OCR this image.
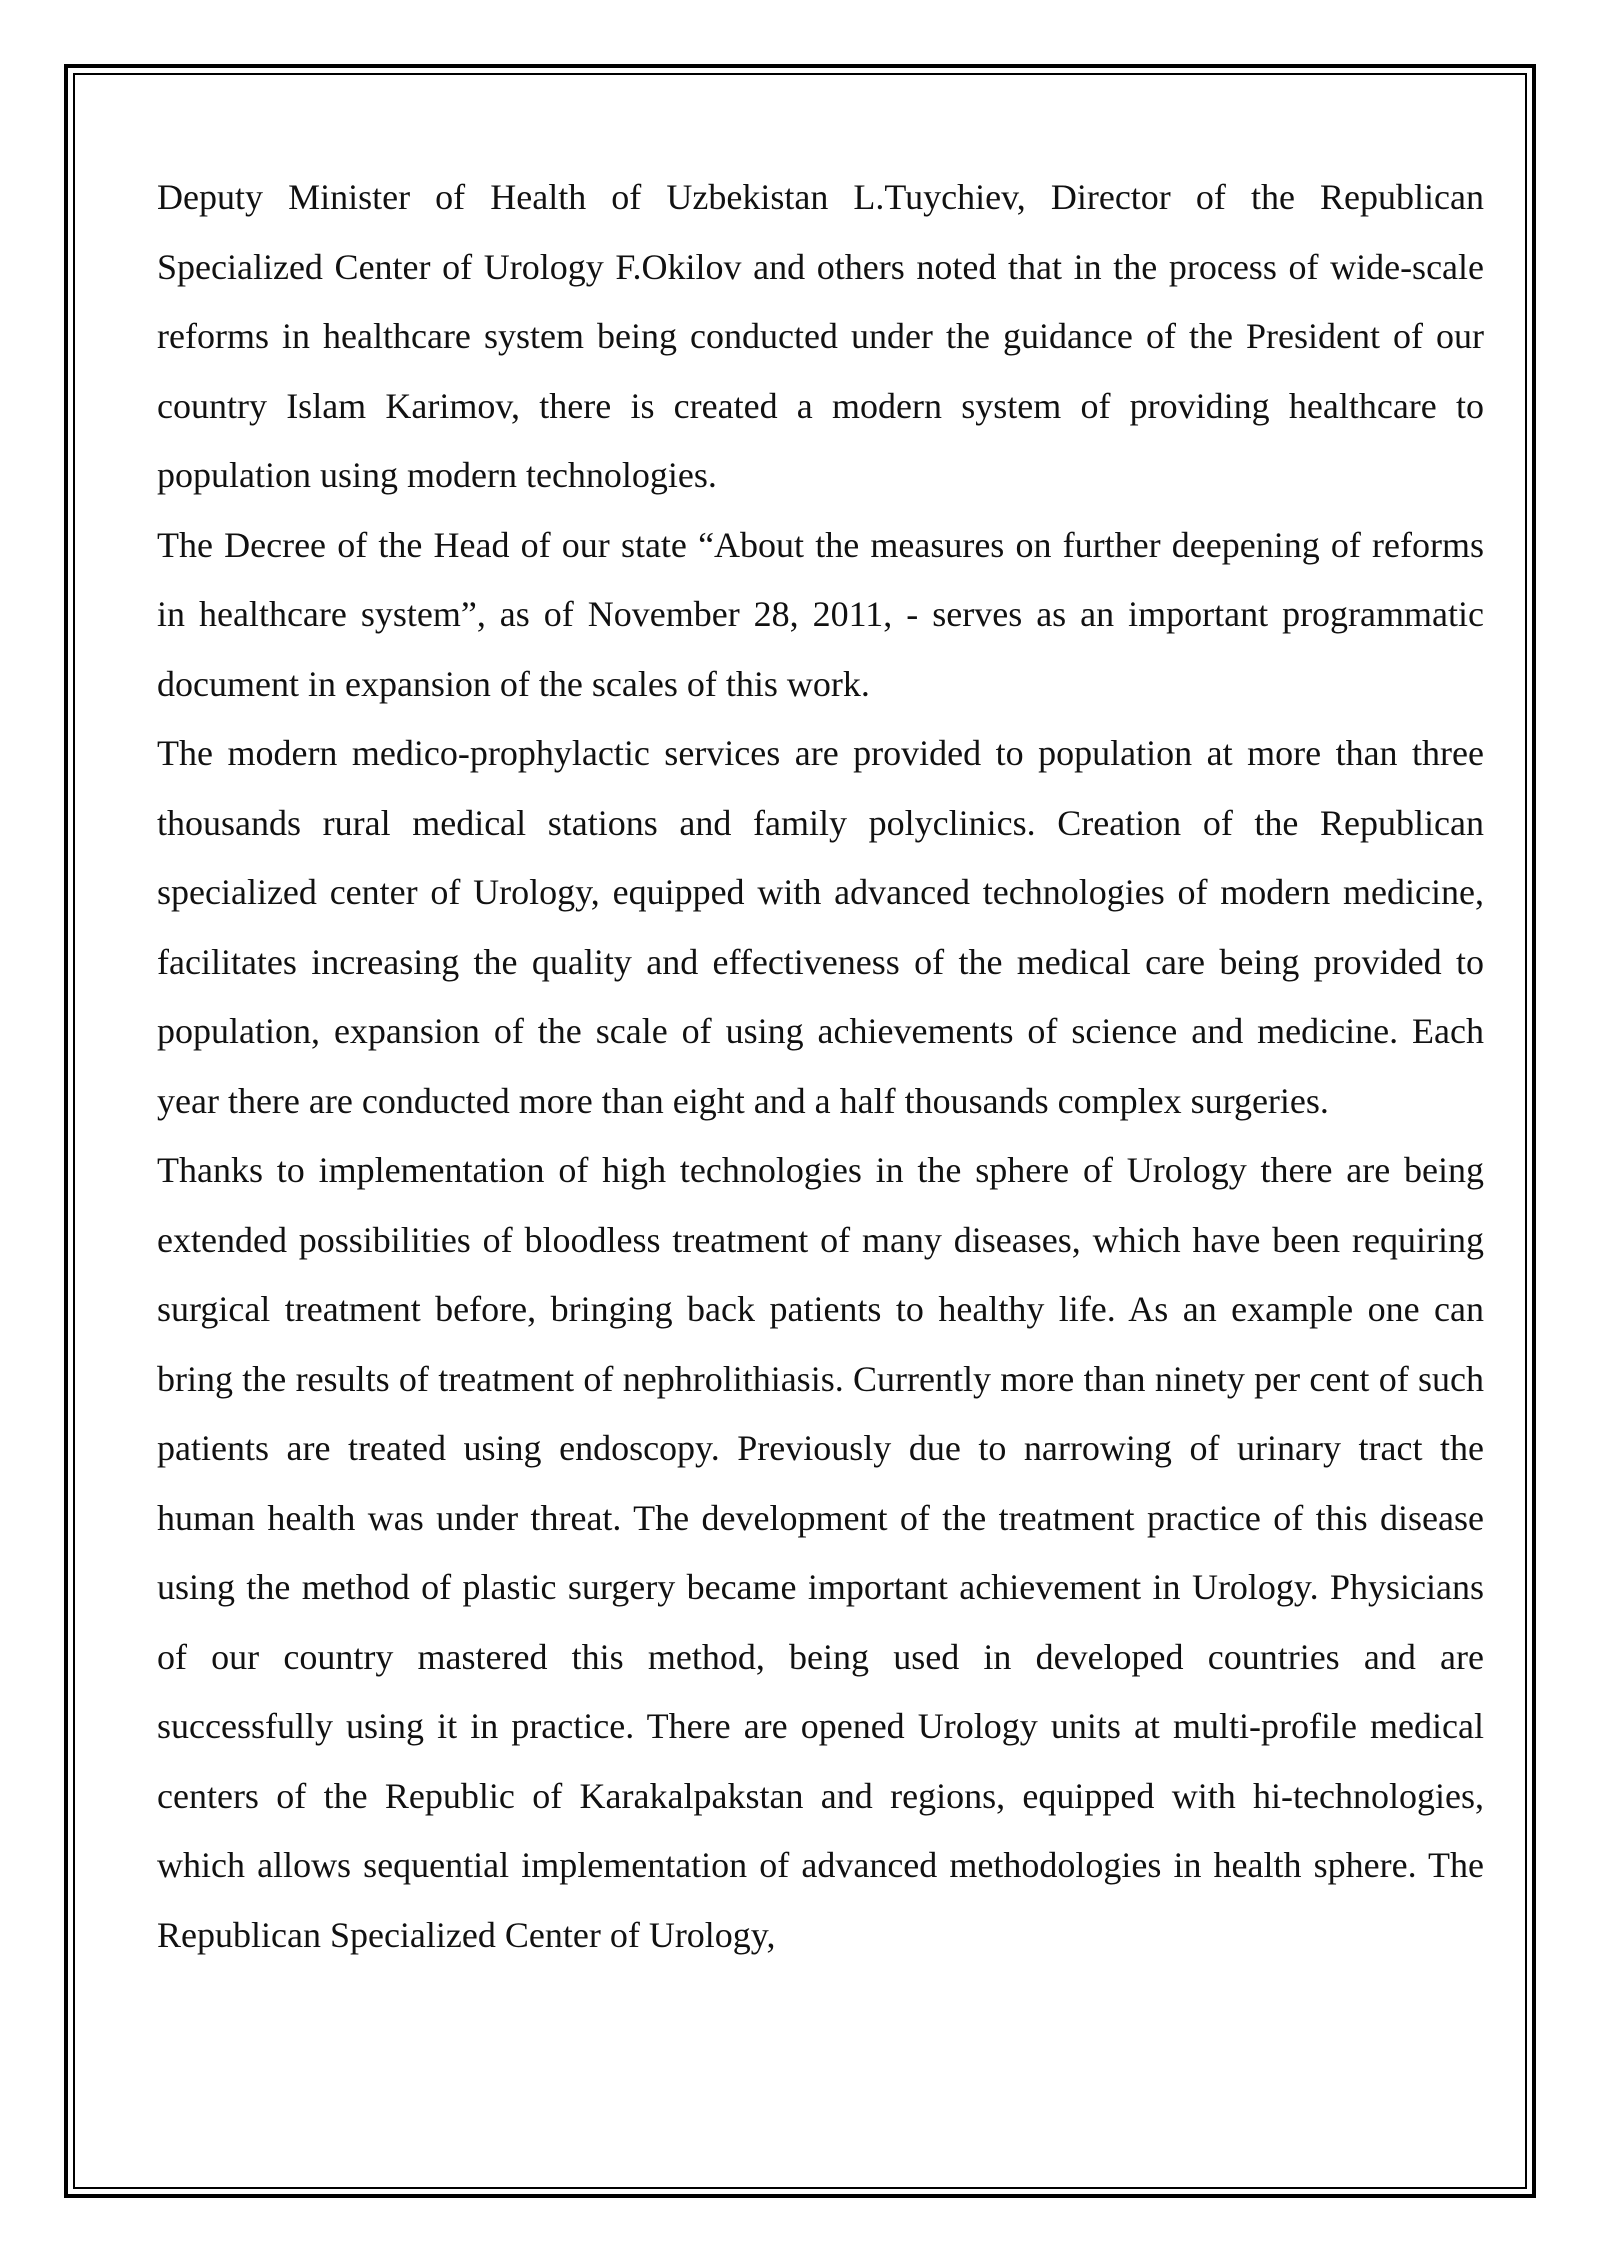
Deputy Minister of Health of Uzbekistan L.Tuychiev, Director of the Republican Specialized Center of Urology F.Okilov and others noted that in the process of wide-scale reforms in healthcare system being conducted under the guidance of the President of our country Islam Karimov, there is created a modern system of providing healthcare to population using modern technologies.

The Decree of the Head of our state “About the measures on further deepening of reforms in healthcare system”, as of November 28, 2011, - serves as an important programmatic document in expansion of the scales of this work.

The modern medico-prophylactic services are provided to population at more than three thousands rural medical stations and family polyclinics. Creation of the Republican specialized center of Urology, equipped with advanced technologies of modern medicine, facilitates increasing the quality and effectiveness of the medical care being provided to population, expansion of the scale of using achievements of science and medicine. Each year there are conducted more than eight and a half thousands complex surgeries.

Thanks to implementation of high technologies in the sphere of Urology there are being extended possibilities of bloodless treatment of many diseases, which have been requiring surgical treatment before, bringing back patients to healthy life. As an example one can bring the results of treatment of nephrolithiasis. Currently more than ninety per cent of such patients are treated using endoscopy. Previously due to narrowing of urinary tract the human health was under threat. The development of the treatment practice of this disease using the method of plastic surgery became important achievement in Urology. Physicians of our country mastered this method, being used in developed countries and are successfully using it in practice. There are opened Urology units at multi-profile medical centers of the Republic of Karakalpakstan and regions, equipped with hi-technologies, which allows sequential implementation of advanced methodologies in health sphere. The Republican Specialized Center of Urology,
